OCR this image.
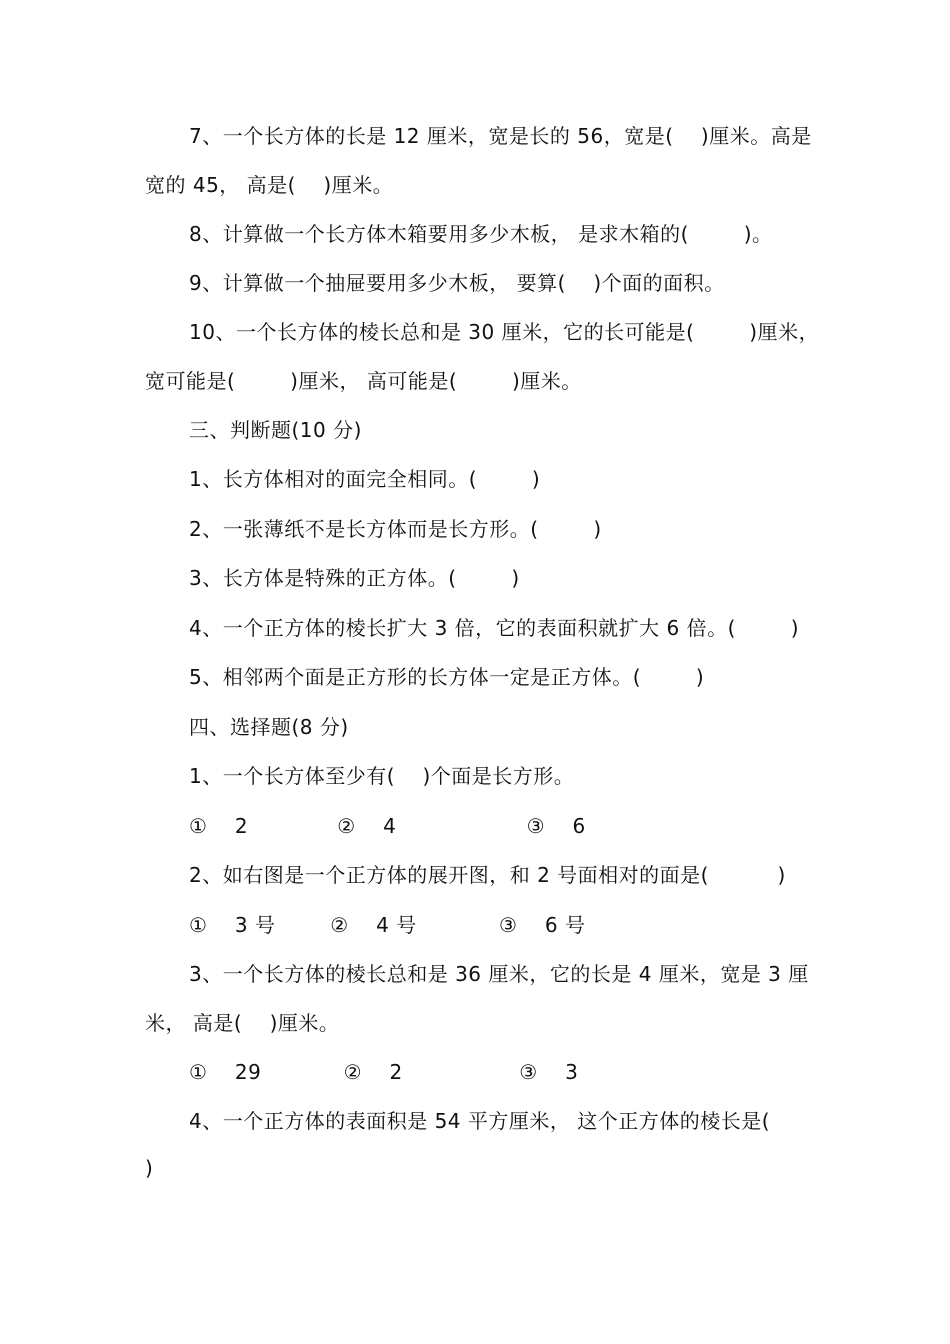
7、一个长方体的长是 12 厘米，宽是长的 56，宽是(    )厘米。高是
宽的 45， 高是(    )厘米。
8、计算做一个长方体木箱要用多少木板， 是求木箱的(        )。
9、计算做一个抽屉要用多少木板， 要算(    )个面的面积。
10、一个长方体的棱长总和是 30 厘米，它的长可能是(        )厘米，
宽可能是(        )厘米， 高可能是(        )厘米。
三、判断题(10 分)
1、长方体相对的面完全相同。(        )
2、一张薄纸不是长方体而是长方形。(        )
3、长方体是特殊的正方体。(        )
4、一个正方体的棱长扩大 3 倍，它的表面积就扩大 6 倍。(        )
5、相邻两个面是正方形的长方体一定是正方体。(        )
四、选择题(8 分)
1、一个长方体至少有(    )个面是长方形。
①    2             ②    4                   ③    6
2、如右图是一个正方体的展开图，和 2 号面相对的面是(          )
①    3 号        ②    4 号            ③    6 号
3、一个长方体的棱长总和是 36 厘米，它的长是 4 厘米，宽是 3 厘
米， 高是(    )厘米。
①    29            ②    2                 ③    3
4、一个正方体的表面积是 54 平方厘米， 这个正方体的棱长是(
)
